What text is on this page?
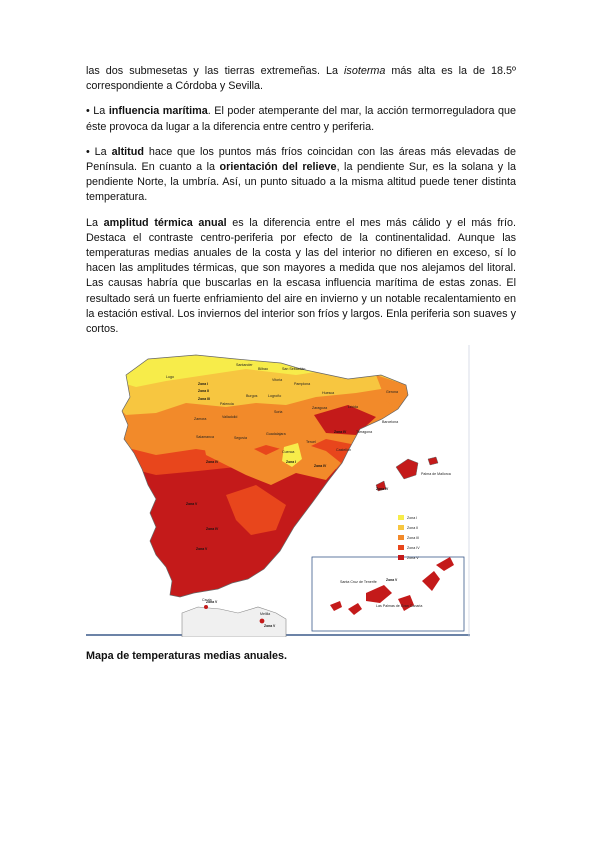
las dos submesetas y las tierras extremeñas. La isoterma más alta es la de 18.5º correspondiente a Córdoba y Sevilla.

• La influencia marítima. El poder atemperante del mar, la acción termorreguladora que éste provoca da lugar a la diferencia entre centro y periferia.

• La altitud hace que los puntos más fríos coincidan con las áreas más elevadas de Península. En cuanto a la orientación del relieve, la pendiente Sur, es la solana y la pendiente Norte, la umbría. Así, un punto situado a la misma altitud puede tener distinta temperatura.

La amplitud térmica anual es la diferencia entre el mes más cálido y el más frío. Destaca el contraste centro-periferia por efecto de la continentalidad. Aunque las temperaturas medias anuales de la costa y las del interior no difieren en exceso, sí lo hacen las amplitudes térmicas, que son mayores a medida que nos alejamos del litoral. Las causas habría que buscarlas en la escasa influencia marítima de estas zonas. El resultado será un fuerte enfriamiento del aire en invierno y un notable recalentamiento en la estación estival. Los inviernos del interior son fríos y largos. Enla periferia son suaves y cortos.

Zona I
Zona II
Zona III
Zona IV
Zona V
Zona I
Zona II
Zona III
Zona I
Zona IV
Zona IV
Zona IV
Zona V
Zona IV
Zona V
Zona IV
Zona V
Zona V
Zona V
Santander
Bilbao	San Sebastián
Lugo
Vitoria
Pamplona
Burgos
Palencia
Valladolid
Zamora
Salamanca	Segovia
Soria
Logroño
Huesca
Zaragoza	Lérida
Gerona
Barcelona
Tarragona
Guadalajara
Teruel
Cuenca	Castellón
Palma de Mallorca
Ceuta
Melilla
Santa Cruz de Tenerife
Las Palmas de Gran Canaria
Mapa de temperaturas medias anuales.
